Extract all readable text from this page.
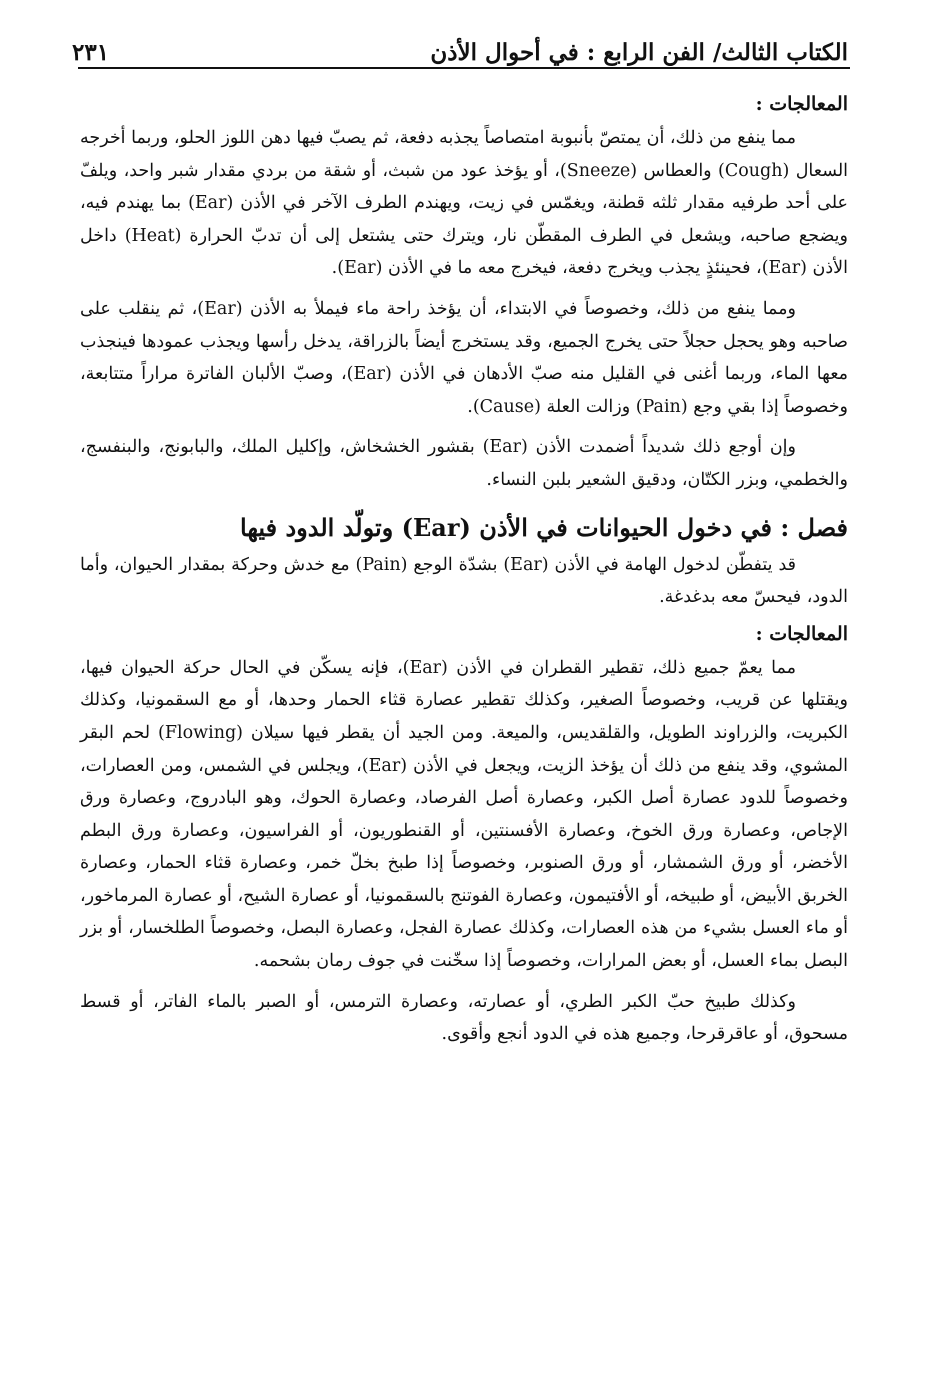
الكتاب الثالث/ الفن الرابع : في أحوال الأذن
٢٣١
المعالجات :

مما ينفع من ذلك، أن يمتصّ بأنبوبة امتصاصاً يجذبه دفعة، ثم يصبّ فيها دهن اللوز الحلو، وربما أخرجه السعال (Cough) والعطاس (Sneeze)، أو يؤخذ عود من شبث، أو شقة من بردي مقدار شبر واحد، ويلفّ على أحد طرفيه مقدار ثلثه قطنة، ويغمّس في زيت، ويهندم الطرف الآخر في الأذن (Ear) بما يهندم فيه، ويضجع صاحبه، ويشعل في الطرف المقطّن نار، ويترك حتى يشتعل إلى أن تدبّ الحرارة (Heat) داخل الأذن (Ear)، فحينئذٍ يجذب ويخرج دفعة، فيخرج معه ما في الأذن (Ear).

ومما ينفع من ذلك، وخصوصاً في الابتداء، أن يؤخذ راحة ماء فيملأ به الأذن (Ear)، ثم ينقلب على صاحبه وهو يحجل حجلاً حتى يخرج الجميع، وقد يستخرج أيضاً بالزراقة، يدخل رأسها ويجذب عمودها فينجذب معها الماء، وربما أغنى في القليل منه صبّ الأدهان في الأذن (Ear)، وصبّ الألبان الفاترة مراراً متتابعة، وخصوصاً إذا بقي وجع (Pain) وزالت العلة (Cause).

وإن أوجع ذلك شديداً أضمدت الأذن (Ear) بقشور الخشخاش، وإكليل الملك، والبابونج، والبنفسج، والخطمي، وبزر الكتّان، ودقيق الشعير بلبن النساء.

فصل : في دخول الحيوانات في الأذن (Ear) وتولّد الدود فيها

قد يتفطّن لدخول الهامة في الأذن (Ear) بشدّة الوجع (Pain) مع خدش وحركة بمقدار الحيوان، وأما الدود، فيحسّ معه بدغدغة.

المعالجات :

مما يعمّ جميع ذلك، تقطير القطران في الأذن (Ear)، فإنه يسكّن في الحال حركة الحيوان فيها، ويقتلها عن قريب، وخصوصاً الصغير، وكذلك تقطير عصارة قثاء الحمار وحدها، أو مع السقمونيا، وكذلك الكبريت، والزراوند الطويل، والقلقديس، والميعة. ومن الجيد أن يقطر فيها سيلان (Flowing) لحم البقر المشوي، وقد ينفع من ذلك أن يؤخذ الزيت، ويجعل في الأذن (Ear)، ويجلس في الشمس، ومن العصارات، وخصوصاً للدود عصارة أصل الكبر، وعصارة أصل الفرصاد، وعصارة الحوك، وهو البادروج، وعصارة ورق الإجاص، وعصارة ورق الخوخ، وعصارة الأفسنتين، أو القنطوريون، أو الفراسيون، وعصارة ورق البطم الأخضر، أو ورق الشمشار، أو ورق الصنوبر، وخصوصاً إذا طبخ بخلّ خمر، وعصارة قثاء الحمار، وعصارة الخربق الأبيض، أو طبيخه، أو الأفتيمون، وعصارة الفوتنج بالسقمونيا، أو عصارة الشيح، أو عصارة المرماخور، أو ماء العسل بشيء من هذه العصارات، وكذلك عصارة الفجل، وعصارة البصل، وخصوصاً الطلخسار، أو بزر البصل بماء العسل، أو بعض المرارات، وخصوصاً إذا سخّنت في جوف رمان بشحمه.

وكذلك طبيخ حبّ الكبر الطري، أو عصارته، وعصارة الترمس، أو الصبر بالماء الفاتر، أو قسط مسحوق، أو عاقرقرحا، وجميع هذه في الدود أنجع وأقوى.
